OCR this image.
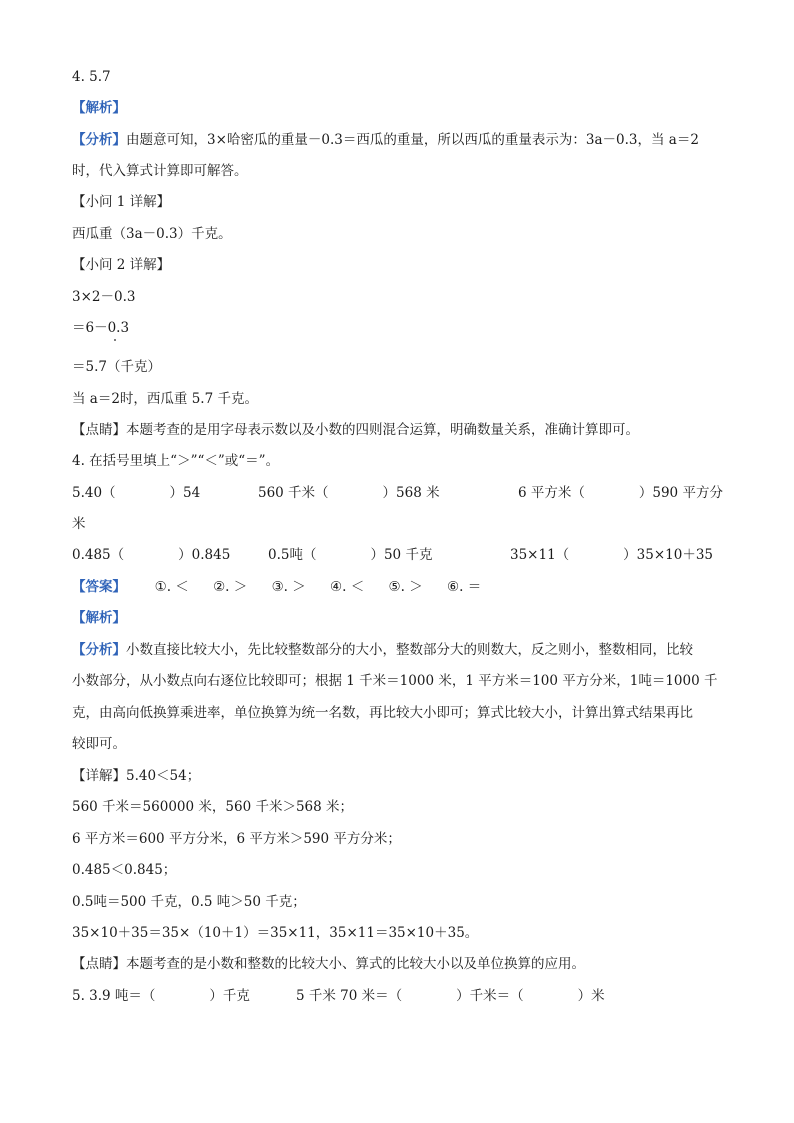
4. 5.7
【解析】
【分析】由题意可知，3×哈密瓜的重量－0.3＝西瓜的重量，所以西瓜的重量表示为：3a－0.3，当 a＝2
时，代入算式计算即可解答。
【小问 1 详解】
西瓜重（3a－0.3）千克。
【小问 2 详解】
3×2－0.3
＝6－0.3
＝5.7（千克）
当 a＝2时，西瓜重 5.7 千克。
【点睛】本题考查的是用字母表示数以及小数的四则混合运算，明确数量关系，准确计算即可。
4. 在括号里填上“＞”“＜”或“＝”。
5.40（　　　　）54	560 千米（　　　　）568 米	6 平方米（　　　　）590 平方分
米
0.485（　　　　）0.845	0.5吨（　　　　）50 千克	35×11（　　　　）35×10＋35
【答案】 ①. ＜ ②. ＞ ③. ＞ ④. ＜ ⑤. ＞ ⑥. ＝
【解析】
【分析】小数直接比较大小，先比较整数部分的大小，整数部分大的则数大，反之则小，整数相同，比较
小数部分，从小数点向右逐位比较即可；根据 1 千米＝1000 米，1 平方米＝100 平方分米，1吨＝1000 千
克，由高向低换算乘进率，单位换算为统一名数，再比较大小即可；算式比较大小，计算出算式结果再比
较即可。
【详解】5.40＜54；
560 千米＝560000 米，560 千米＞568 米；
6 平方米＝600 平方分米，6 平方米＞590 平方分米；
0.485＜0.845；
0.5吨＝500 千克，0.5 吨＞50 千克；
35×10＋35＝35×（10＋1）＝35×11，35×11＝35×10＋35。
【点睛】本题考查的是小数和整数的比较大小、算式的比较大小以及单位换算的应用。
5. 3.9 吨＝（　　　　）千克	5 千米 70 米＝（　　　　）千米＝（　　　　）米
